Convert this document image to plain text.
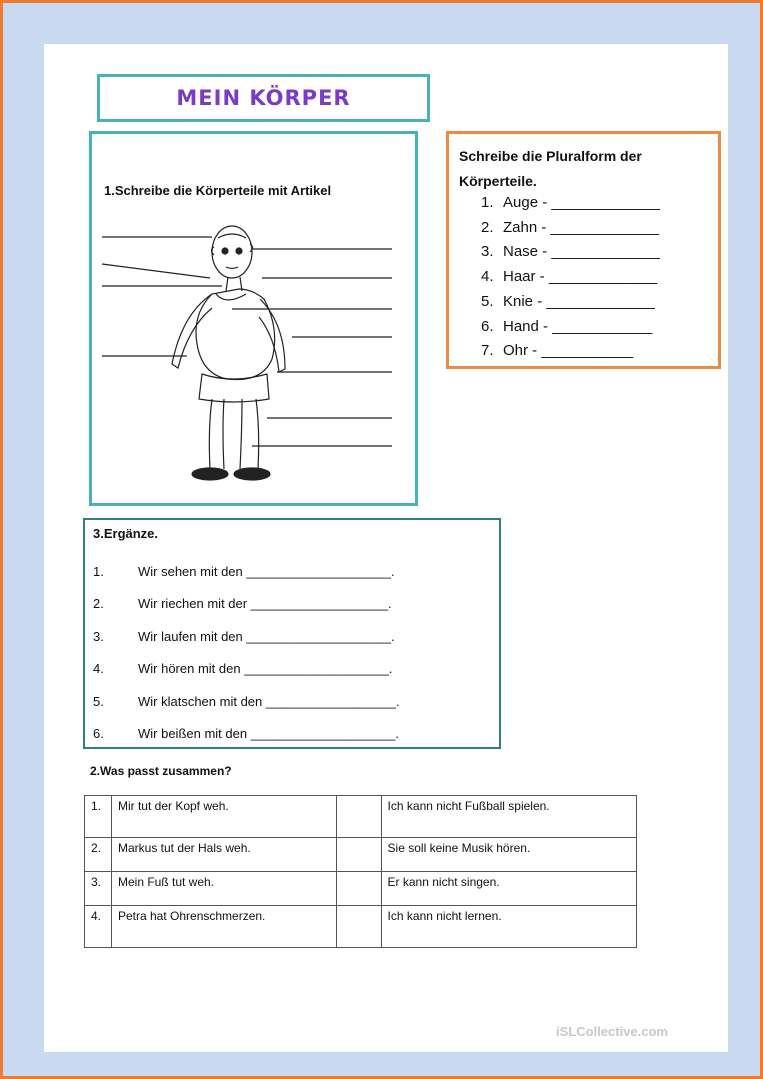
MEIN KÖRPER
1.Schreibe die Körperteile mit Artikel
Schreibe die Pluralform der Körperteile.
1. Auge - _____________
2. Zahn - _____________
3. Nase - _____________
4. Haar - _____________
5. Knie - _____________
6. Hand - ____________
7. Ohr - ___________
3.Ergänze.
1.	Wir sehen mit den ____________________.
2.	Wir riechen mit der ___________________.
3.	Wir laufen mit den ____________________.
4.	Wir hören mit den ____________________.
5.	Wir klatschen mit den __________________.
6.	Wir beißen mit den ____________________.
2.Was passt zusammen?
1.	Mir tut der Kopf weh.		Ich kann nicht Fußball spielen.
2.	Markus tut der Hals weh.		Sie soll keine Musik hören.
3.	Mein Fuß tut weh.		Er kann nicht singen.
4.	Petra hat Ohrenschmerzen.		Ich kann nicht lernen.
iSLCollective.com
